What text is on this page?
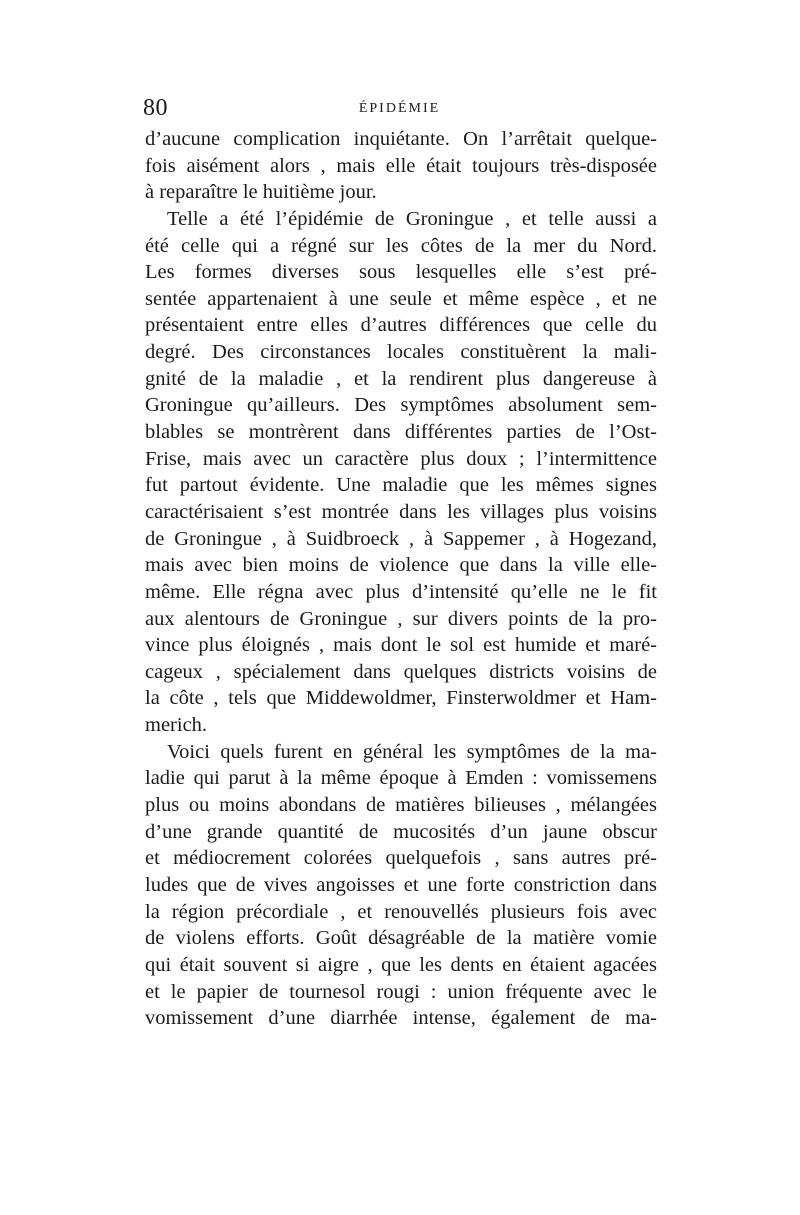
80	ÉPIDÉMIE
d’aucune complication inquiétante. On l’arrêtait quelque-
fois aisément alors , mais elle était toujours très-disposée
à reparaître le huitième jour.
Telle a été l’épidémie de Groningue , et telle aussi a
été celle qui a régné sur les côtes de la mer du Nord.
Les formes diverses sous lesquelles elle s’est pré-
sentée appartenaient à une seule et même espèce , et ne
présentaient entre elles d’autres différences que celle du
degré. Des circonstances locales constituèrent la mali-
gnité de la maladie , et la rendirent plus dangereuse à
Groningue qu’ailleurs. Des symptômes absolument sem-
blables se montrèrent dans différentes parties de l’Ost-
Frise, mais avec un caractère plus doux ; l’intermittence
fut partout évidente. Une maladie que les mêmes signes
caractérisaient s’est montrée dans les villages plus voisins
de Groningue , à Suidbroeck , à Sappemer , à Hogezand,
mais avec bien moins de violence que dans la ville elle-
même. Elle régna avec plus d’intensité qu’elle ne le fit
aux alentours de Groningue , sur divers points de la pro-
vince plus éloignés , mais dont le sol est humide et maré-
cageux , spécialement dans quelques districts voisins de
la côte , tels que Middewoldmer, Finsterwoldmer et Ham-
merich.
Voici quels furent en général les symptômes de la ma-
ladie qui parut à la même époque à Emden : vomissemens
plus ou moins abondans de matières bilieuses , mélangées
d’une grande quantité de mucosités d’un jaune obscur
et médiocrement colorées quelquefois , sans autres pré-
ludes que de vives angoisses et une forte constriction dans
la région précordiale , et renouvellés plusieurs fois avec
de violens efforts. Goût désagréable de la matière vomie
qui était souvent si aigre , que les dents en étaient agacées
et le papier de tournesol rougi : union fréquente avec le
vomissement d’une diarrhée intense, également de ma-
